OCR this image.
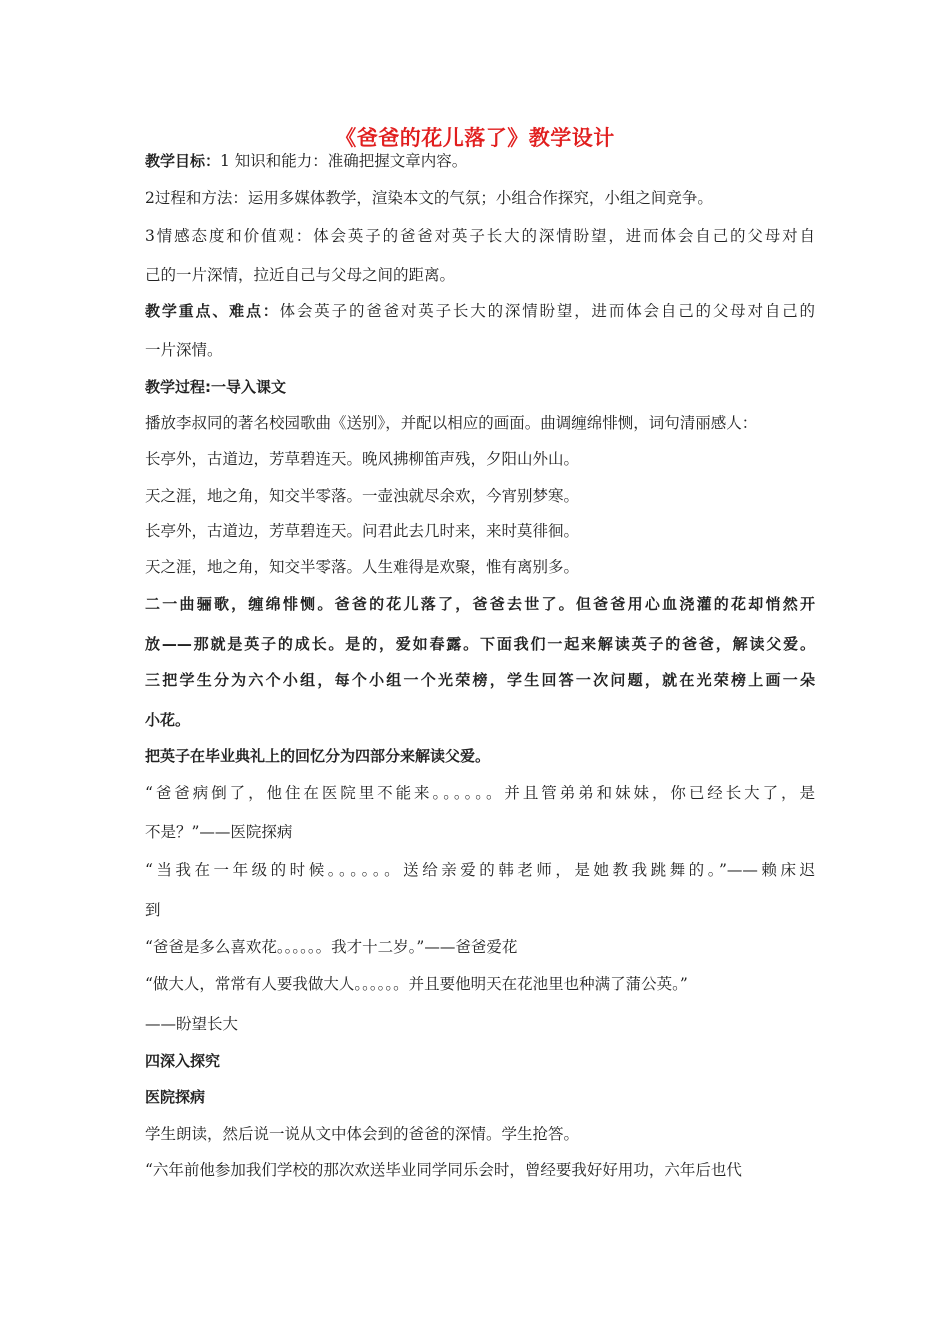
《爸爸的花儿落了》教学设计
教学目标：1 知识和能力：准确把握文章内容。
2过程和方法：运用多媒体教学，渲染本文的气氛；小组合作探究，小组之间竞争。
3情感态度和价值观：体会英子的爸爸对英子长大的深情盼望，进而体会自己的父母对自
己的一片深情，拉近自己与父母之间的距离。
教学重点、难点：体会英子的爸爸对英子长大的深情盼望，进而体会自己的父母对自己的
一片深情。
教学过程:一导入课文
播放李叔同的著名校园歌曲《送别》，并配以相应的画面。曲调缠绵悱恻，词句清丽感人：
长亭外，古道边，芳草碧连天。晚风拂柳笛声残，夕阳山外山。
天之涯，地之角，知交半零落。一壶浊就尽余欢，今宵别梦寒。
长亭外，古道边，芳草碧连天。问君此去几时来，来时莫徘徊。
天之涯，地之角，知交半零落。人生难得是欢聚，惟有离别多。
二一曲骊歌，缠绵悱恻。爸爸的花儿落了，爸爸去世了。但爸爸用心血浇灌的花却悄然开
放——那就是英子的成长。是的，爱如春露。下面我们一起来解读英子的爸爸，解读父爱。
三把学生分为六个小组，每个小组一个光荣榜，学生回答一次问题，就在光荣榜上画一朵
小花。
把英子在毕业典礼上的回忆分为四部分来解读父爱。
“爸爸病倒了，他住在医院里不能来。。。。。。并且管弟弟和妹妹，你已经长大了，是
不是？”——医院探病
“当我在一年级的时候。。。。。。送给亲爱的韩老师，是她教我跳舞的。”——赖床迟
到
“爸爸是多么喜欢花。。。。。。我才十二岁。”——爸爸爱花
“做大人，常常有人要我做大人。。。。。。并且要他明天在花池里也种满了蒲公英。”
——盼望长大
四深入探究
医院探病
学生朗读，然后说一说从文中体会到的爸爸的深情。学生抢答。
“六年前他参加我们学校的那次欢送毕业同学同乐会时，曾经要我好好用功，六年后也代
